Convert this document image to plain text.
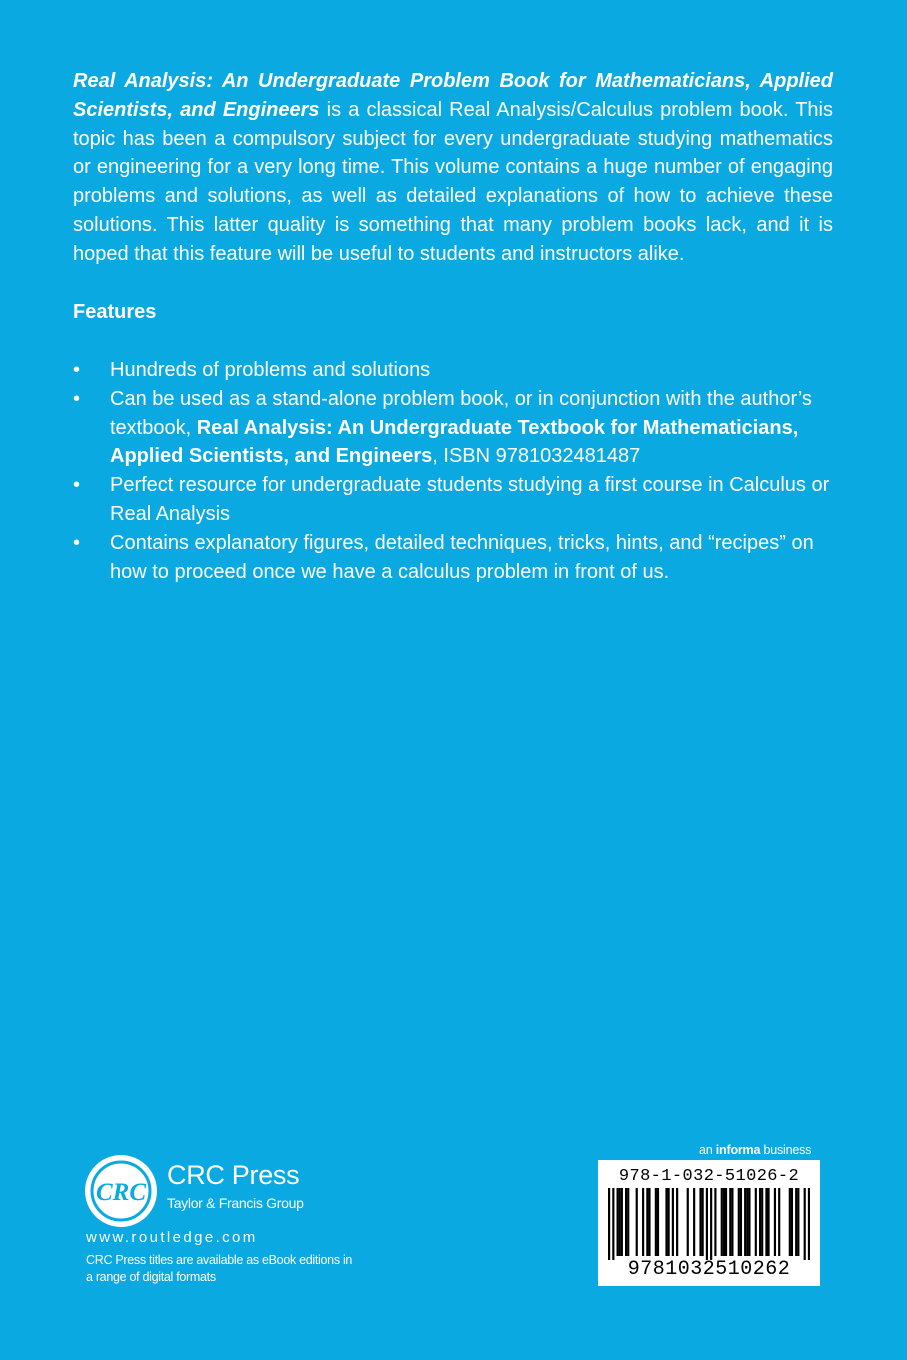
Real Analysis: An Undergraduate Problem Book for Mathematicians, Applied Scientists, and Engineers is a classical Real Analysis/Calculus problem book. This topic has been a compulsory subject for every undergraduate studying mathematics or engineering for a very long time. This volume contains a huge number of engaging problems and solutions, as well as detailed explanations of how to achieve these solutions. This latter quality is something that many problem books lack, and it is hoped that this feature will be useful to students and instructors alike.
Features
• Hundreds of problems and solutions
• Can be used as a stand-alone problem book, or in conjunction with the author’s textbook, Real Analysis: An Undergraduate Textbook for Mathematicians, Applied Scientists, and Engineers, ISBN 9781032481487
• Perfect resource for undergraduate students studying a first course in Calculus or Real Analysis
• Contains explanatory figures, detailed techniques, tricks, hints, and “recipes” on how to proceed once we have a calculus problem in front of us.
CRC
CRC Press
Taylor & Francis Group
www.routledge.com
CRC Press titles are available as eBook editions in a range of digital formats
an informa business
978-1-032-51026-2
9781032510262
